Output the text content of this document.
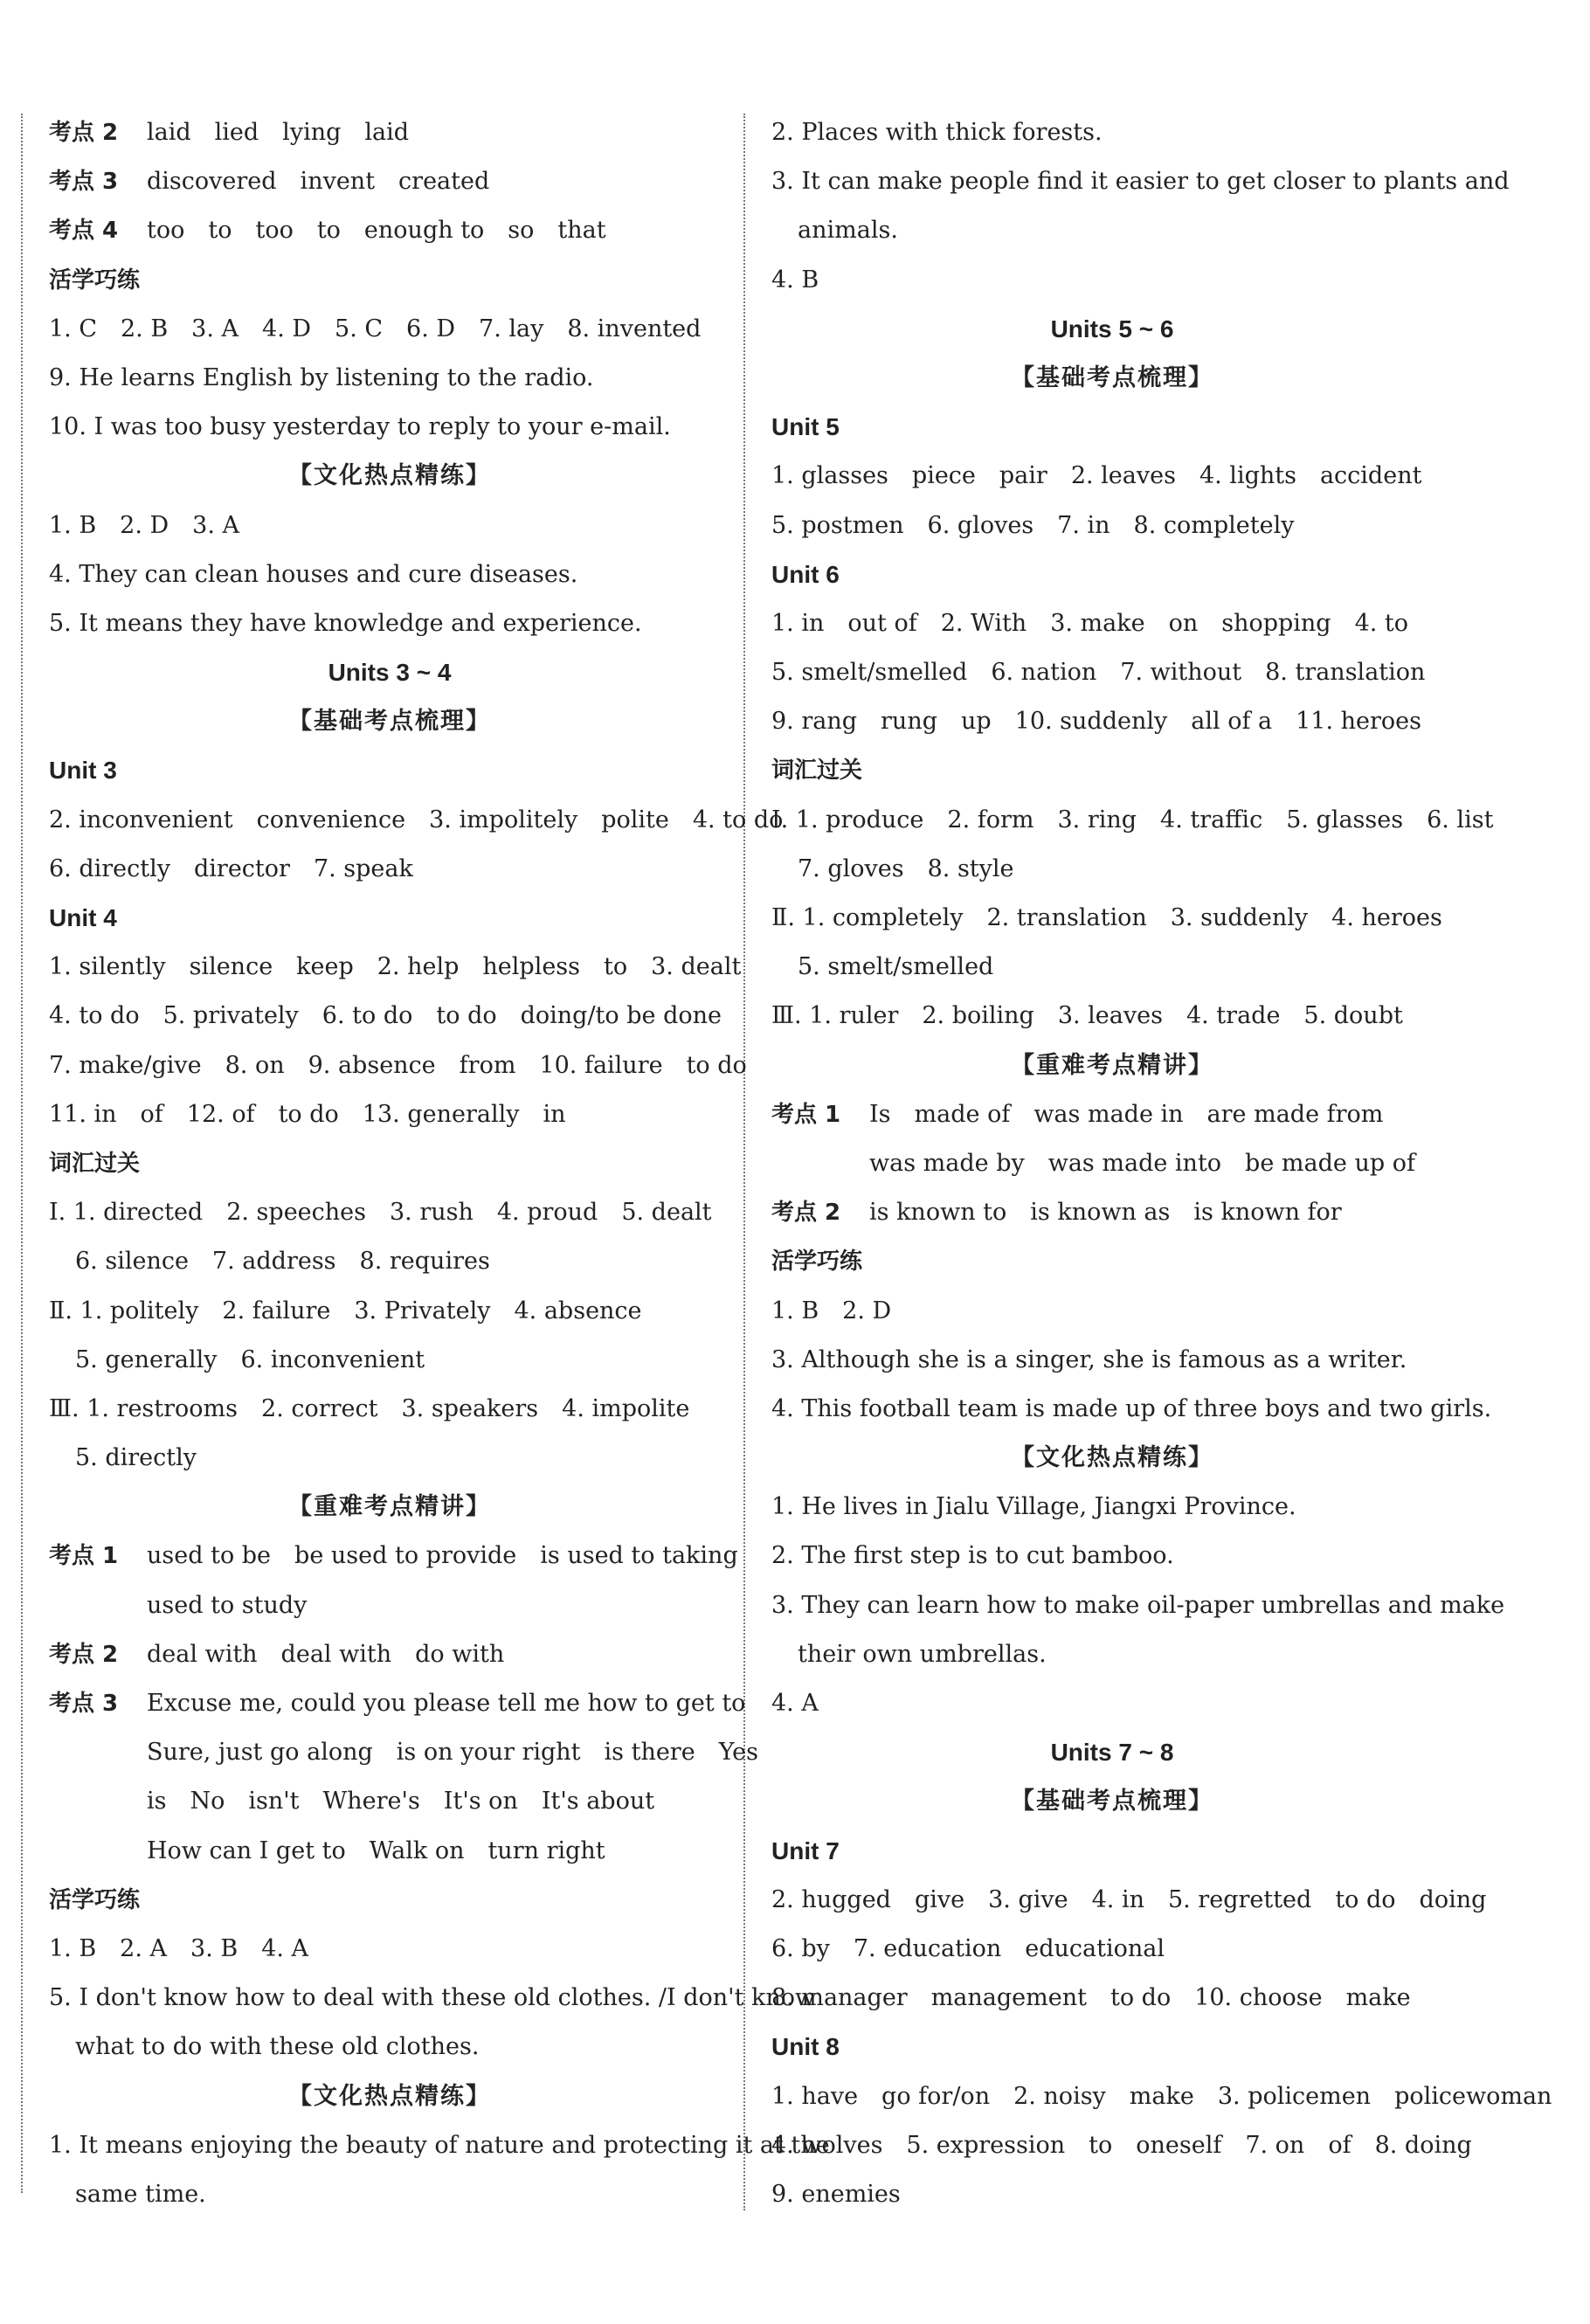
考点 2 laid　lied　lying　laid
考点 3 discovered　invent　created
考点 4 too　to　too　to　enough to　so　that
活学巧练
1. C　2. B　3. A　4. D　5. C　6. D　7. lay　8. invented
9. He learns English by listening to the radio.
10. I was too busy yesterday to reply to your e-mail.
【文化热点精练】
1. B　2. D　3. A
4. They can clean houses and cure diseases.
5. It means they have knowledge and experience.
Units 3 ~ 4
【基础考点梳理】
Unit 3
2. inconvenient　convenience　3. impolitely　polite　4. to do
6. directly　director　7. speak
Unit 4
1. silently　silence　keep　2. help　helpless　to　3. dealt
4. to do　5. privately　6. to do　to do　doing/to be done
7. make/give　8. on　9. absence　from　10. failure　to do
11. in　of　12. of　to do　13. generally　in
词汇过关
Ⅰ. 1. directed　2. speeches　3. rush　4. proud　5. dealt
6. silence　7. address　8. requires
Ⅱ. 1. politely　2. failure　3. Privately　4. absence
5. generally　6. inconvenient
Ⅲ. 1. restrooms　2. correct　3. speakers　4. impolite
5. directly
【重难考点精讲】
考点 1 used to be　be used to provide　is used to taking
used to study
考点 2 deal with　deal with　do with
考点 3 Excuse me, could you please tell me how to get to
Sure, just go along　is on your right　is there　Yes
is　No　isn't　Where's　It's on　It's about
How can I get to　Walk on　turn right
活学巧练
1. B　2. A　3. B　4. A
5. I don't know how to deal with these old clothes. /I don't know
what to do with these old clothes.
【文化热点精练】
1. It means enjoying the beauty of nature and protecting it at the
same time.
2. Places with thick forests.
3. It can make people find it easier to get closer to plants and
animals.
4. B
Units 5 ~ 6
【基础考点梳理】
Unit 5
1. glasses　piece　pair　2. leaves　4. lights　accident
5. postmen　6. gloves　7. in　8. completely
Unit 6
1. in　out of　2. With　3. make　on　shopping　4. to
5. smelt/smelled　6. nation　7. without　8. translation
9. rang　rung　up　10. suddenly　all of a　11. heroes
词汇过关
Ⅰ. 1. produce　2. form　3. ring　4. traffic　5. glasses　6. list
7. gloves　8. style
Ⅱ. 1. completely　2. translation　3. suddenly　4. heroes
5. smelt/smelled
Ⅲ. 1. ruler　2. boiling　3. leaves　4. trade　5. doubt
【重难考点精讲】
考点 1 Is　made of　was made in　are made from
was made by　was made into　be made up of
考点 2 is known to　is known as　is known for
活学巧练
1. B　2. D
3. Although she is a singer, she is famous as a writer.
4. This football team is made up of three boys and two girls.
【文化热点精练】
1. He lives in Jialu Village, Jiangxi Province.
2. The first step is to cut bamboo.
3. They can learn how to make oil-paper umbrellas and make
their own umbrellas.
4. A
Units 7 ~ 8
【基础考点梳理】
Unit 7
2. hugged　give　3. give　4. in　5. regretted　to do　doing
6. by　7. education　educational
8. manager　management　to do　10. choose　make
Unit 8
1. have　go for/on　2. noisy　make　3. policemen　policewoman
4. wolves　5. expression　to　oneself　7. on　of　8. doing
9. enemies
